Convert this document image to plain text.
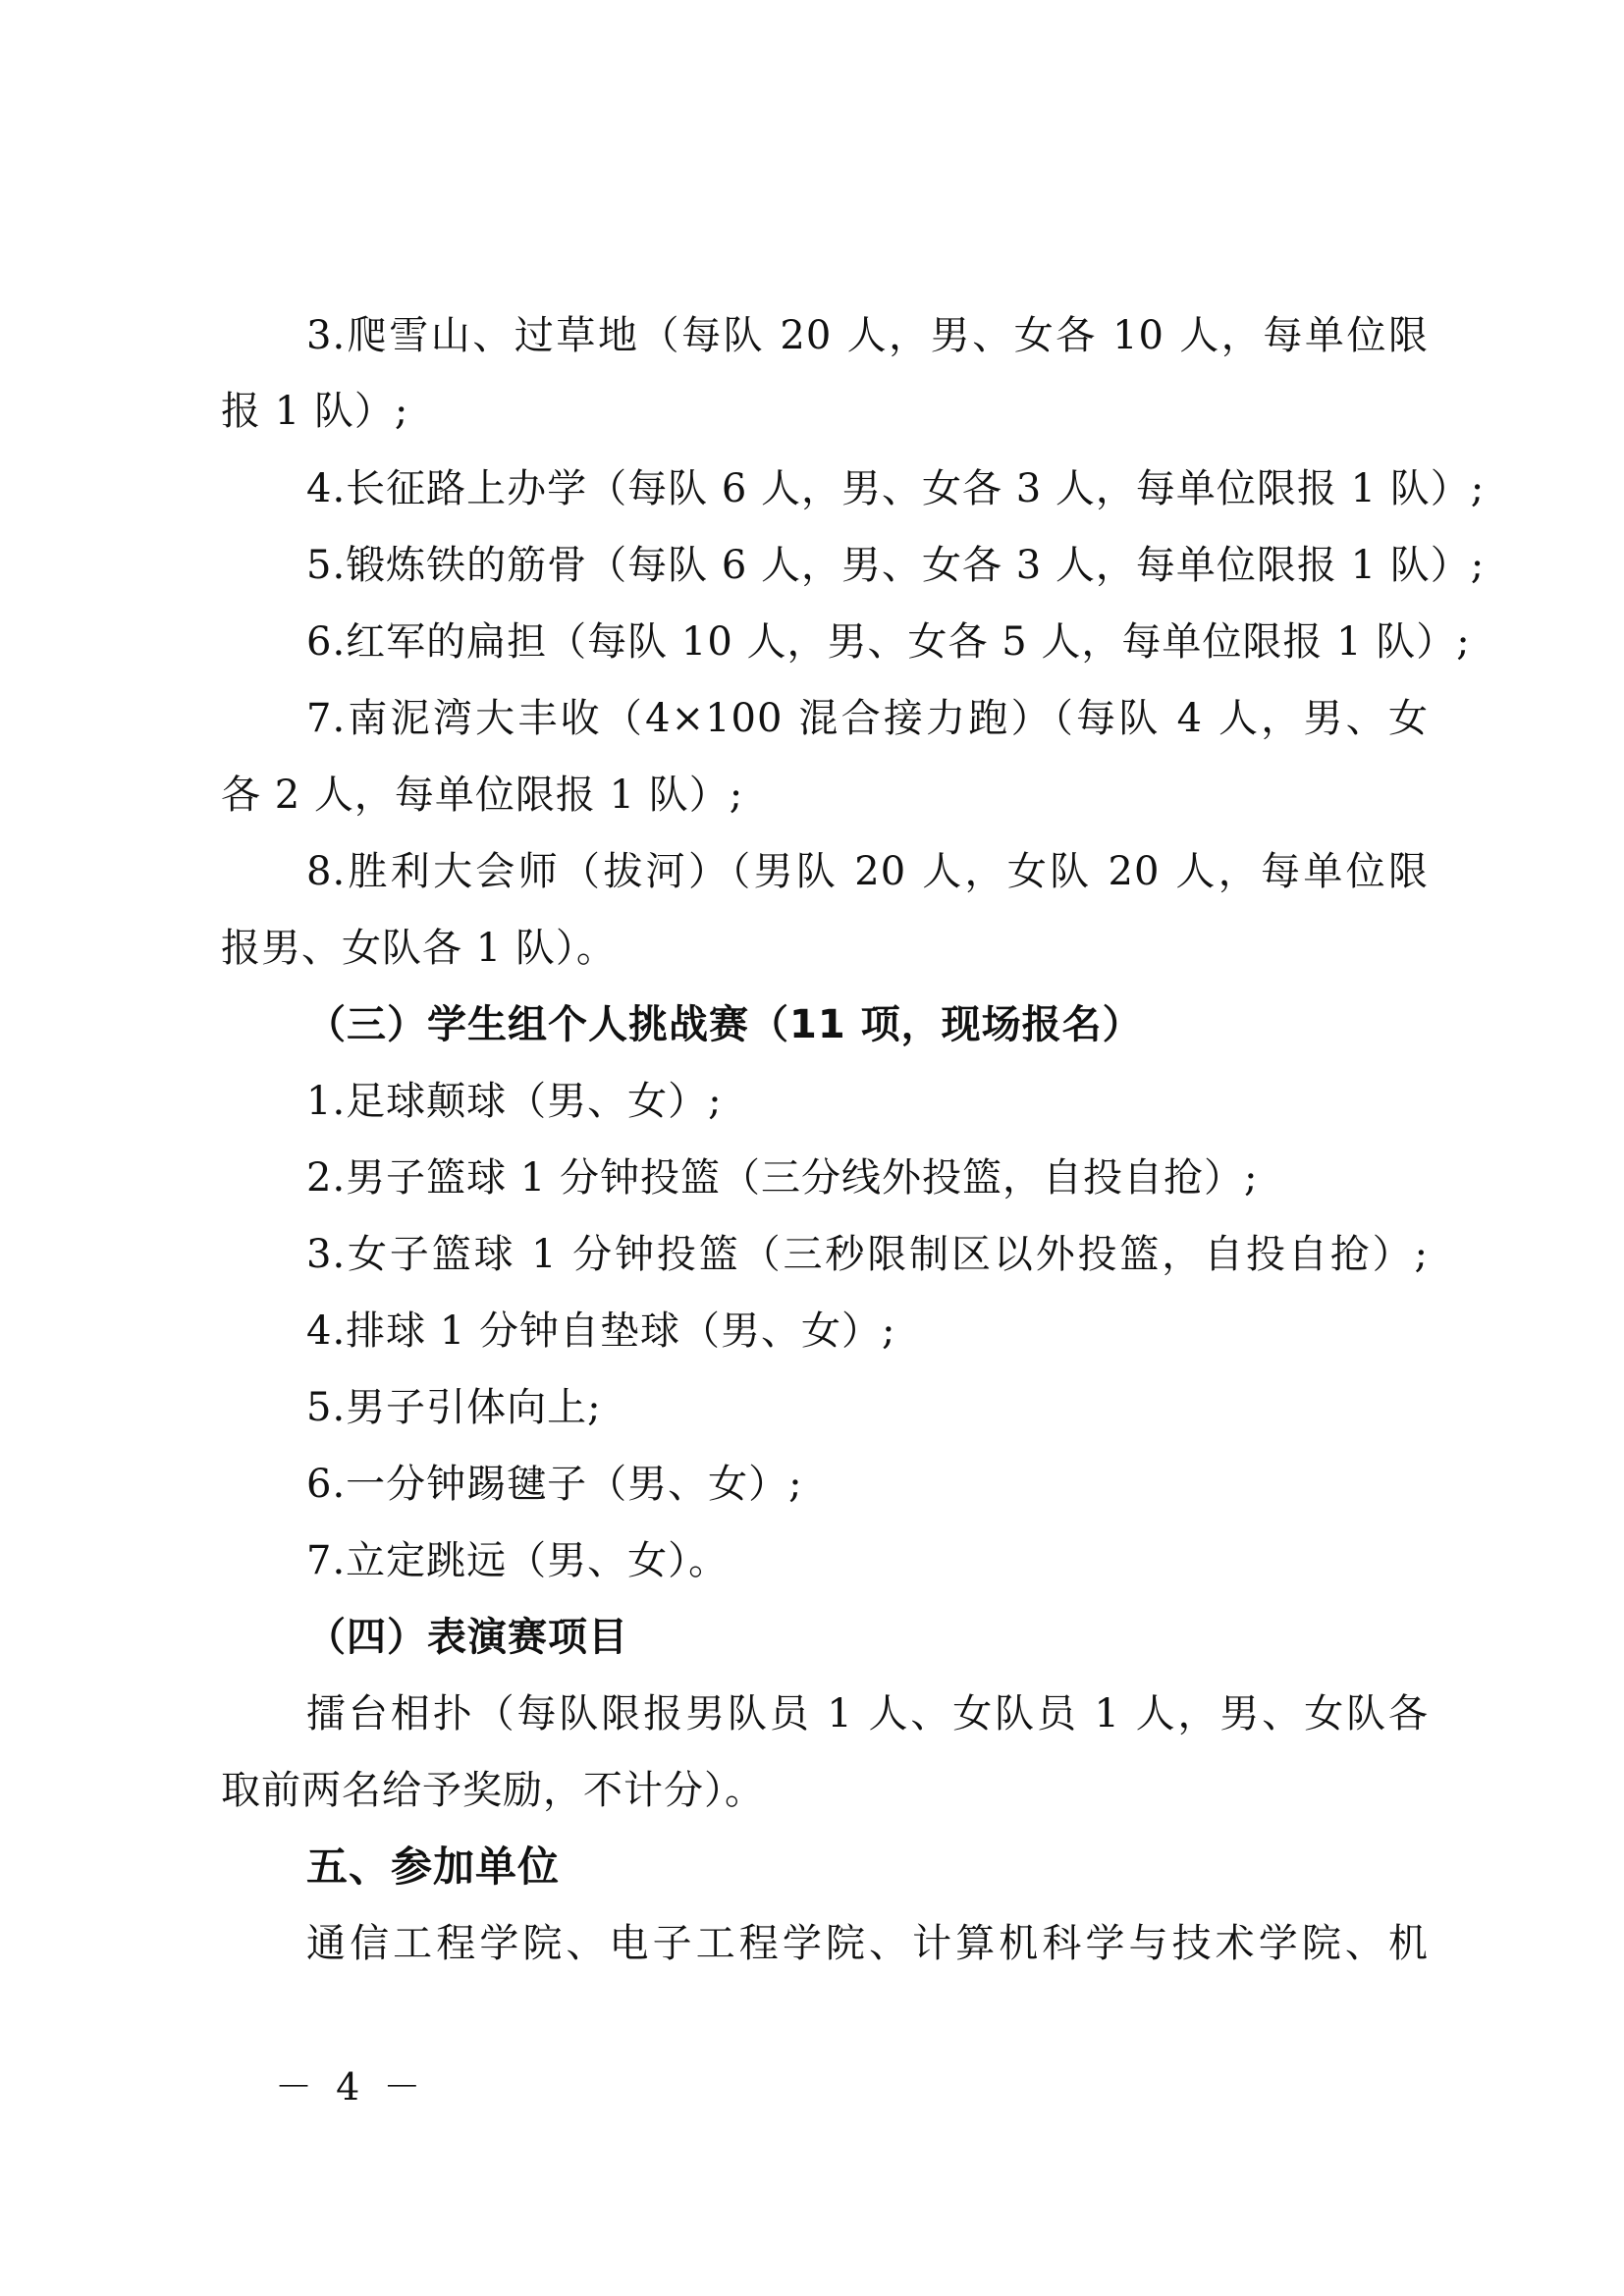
3.爬雪山、过草地（每队 20 人，男、女各 10 人，每单位限
报 1 队）;
4.长征路上办学（每队 6 人，男、女各 3 人，每单位限报 1 队）;
5.锻炼铁的筋骨（每队 6 人，男、女各 3 人，每单位限报 1 队）;
6.红军的扁担（每队 10 人，男、女各 5 人，每单位限报 1 队）;
7.南泥湾大丰收（4×100 混合接力跑）（每队 4 人，男、女
各 2 人，每单位限报 1 队）;
8.胜利大会师（拔河）（男队 20 人，女队 20 人，每单位限
报男、女队各 1 队）。
（三）学生组个人挑战赛（11 项，现场报名）
1.足球颠球（男、女）;
2.男子篮球 1 分钟投篮（三分线外投篮，自投自抢）;
3.女子篮球 1 分钟投篮（三秒限制区以外投篮，自投自抢）;
4.排球 1 分钟自垫球（男、女）;
5.男子引体向上;
6.一分钟踢毽子（男、女）;
7.立定跳远（男、女）。
（四）表演赛项目
擂台相扑（每队限报男队员 1 人、女队员 1 人，男、女队各
取前两名给予奖励，不计分）。
五、参加单位
通信工程学院、电子工程学院、计算机科学与技术学院、机
－ 4 －
